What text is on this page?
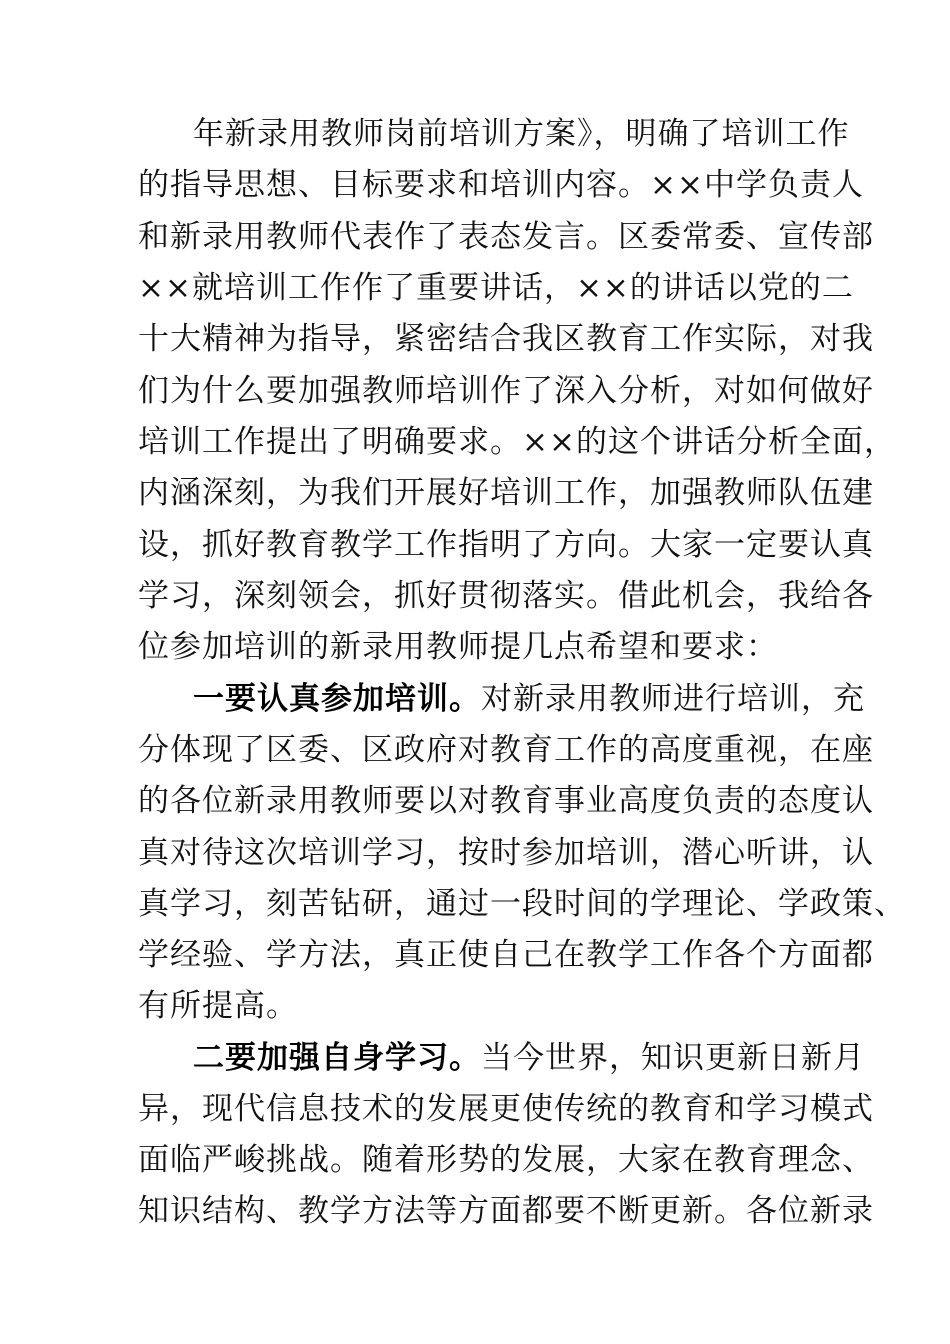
年新录用教师岗前培训方案》，明确了培训工作
的指导思想、目标要求和培训内容。××中学负责人
和新录用教师代表作了表态发言。区委常委、宣传部
××就培训工作作了重要讲话，××的讲话以党的二
十大精神为指导，紧密结合我区教育工作实际，对我
们为什么要加强教师培训作了深入分析，对如何做好
培训工作提出了明确要求。××的这个讲话分析全面，
内涵深刻，为我们开展好培训工作，加强教师队伍建
设，抓好教育教学工作指明了方向。大家一定要认真
学习，深刻领会，抓好贯彻落实。借此机会，我给各
位参加培训的新录用教师提几点希望和要求：
一要认真参加培训。对新录用教师进行培训，充
分体现了区委、区政府对教育工作的高度重视，在座
的各位新录用教师要以对教育事业高度负责的态度认
真对待这次培训学习，按时参加培训，潜心听讲，认
真学习，刻苦钻研，通过一段时间的学理论、学政策、
学经验、学方法，真正使自己在教学工作各个方面都
有所提高。
二要加强自身学习。当今世界，知识更新日新月
异，现代信息技术的发展更使传统的教育和学习模式
面临严峻挑战。随着形势的发展，大家在教育理念、
知识结构、教学方法等方面都要不断更新。各位新录
